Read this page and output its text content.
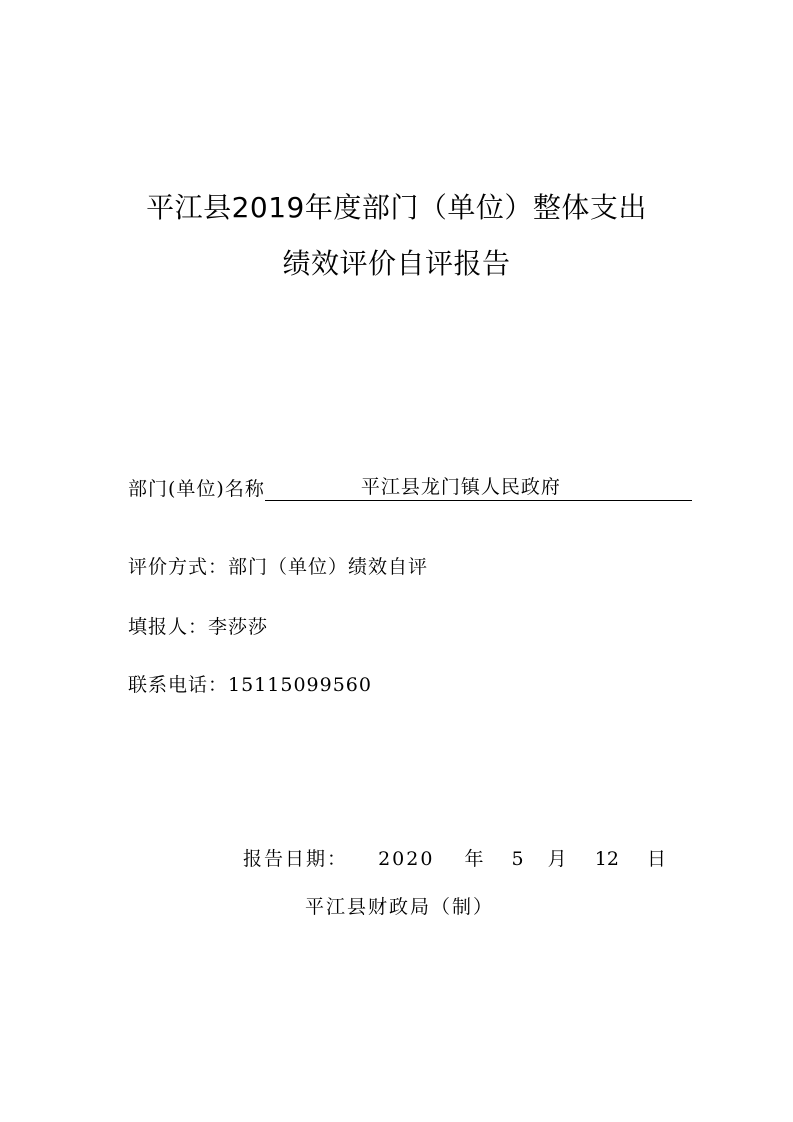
平江县2019年度部门（单位）整体支出
绩效评价自评报告
部门(单位)名称	平江县龙门镇人民政府
评价方式：部门（单位）绩效自评
填报人：李莎莎
联系电话：15115099560
报告日期： 2020 年 5 月 12 日
平江县财政局（制）
